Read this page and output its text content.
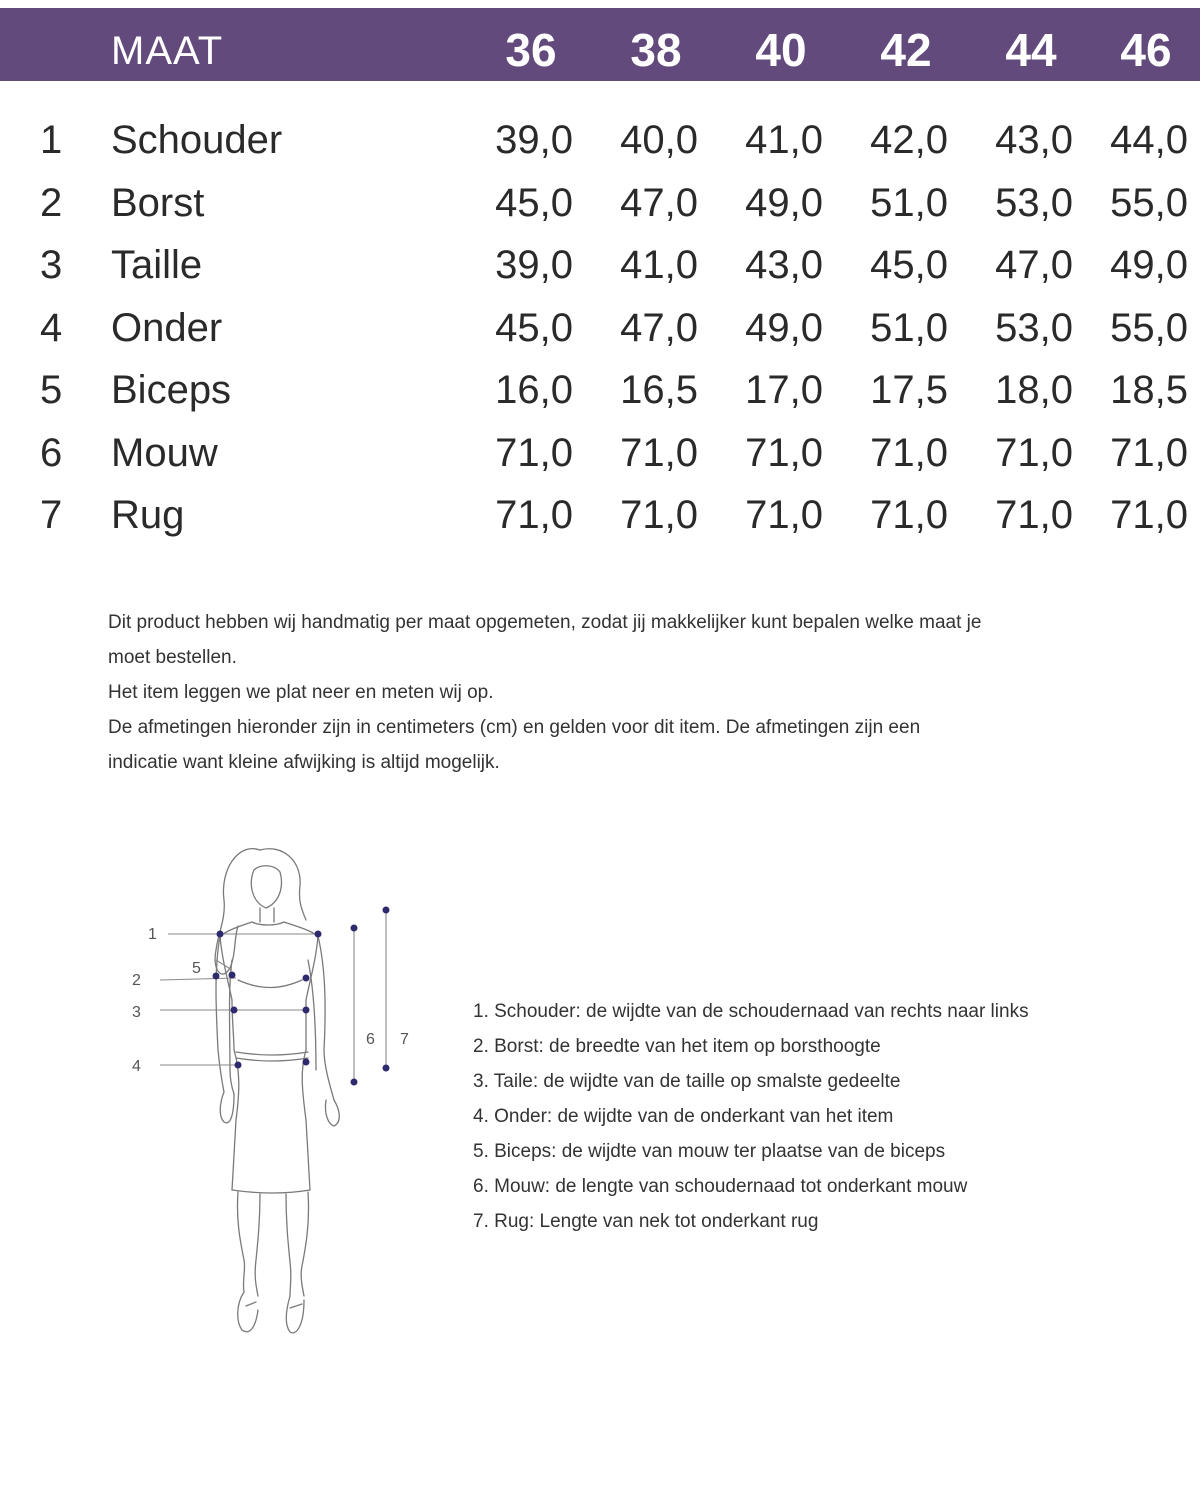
MAAT	36	38	40	42	44	46
1	Schouder	39,0	40,0	41,0	42,0	43,0 44,0
2	Borst	45,0	47,0	49,0	51,0	53,0 55,0
3	Taille	39,0	41,0	43,0	45,0	47,0 49,0
4	Onder	45,0	47,0	49,0	51,0	53,0 55,0
5	Biceps	16,0	16,5	17,0	17,5	18,0 18,5
6	Mouw	71,0	71,0	71,0	71,0	71,0 71,0
7	Rug	71,0	71,0	71,0	71,0	71,0 71,0

Dit product hebben wij handmatig per maat opgemeten, zodat jij makkelijker kunt bepalen welke maat je

moet bestellen.

Het item leggen we plat neer en meten wij op.

De afmetingen hieronder zijn in centimeters (cm) en gelden voor dit item. De afmetingen zijn een

indicatie want kleine afwijking is altijd mogelijk.

1
2
3
4
5
6 7
1. Schouder: de wijdte van de schoudernaad van rechts naar links
2. Borst: de breedte van het item op borsthoogte
3. Taile: de wijdte van de taille op smalste gedeelte
4. Onder: de wijdte van de onderkant van het item
5. Biceps: de wijdte van mouw ter plaatse van de biceps
6. Mouw: de lengte van schoudernaad tot onderkant mouw
7. Rug: Lengte van nek tot onderkant rug
